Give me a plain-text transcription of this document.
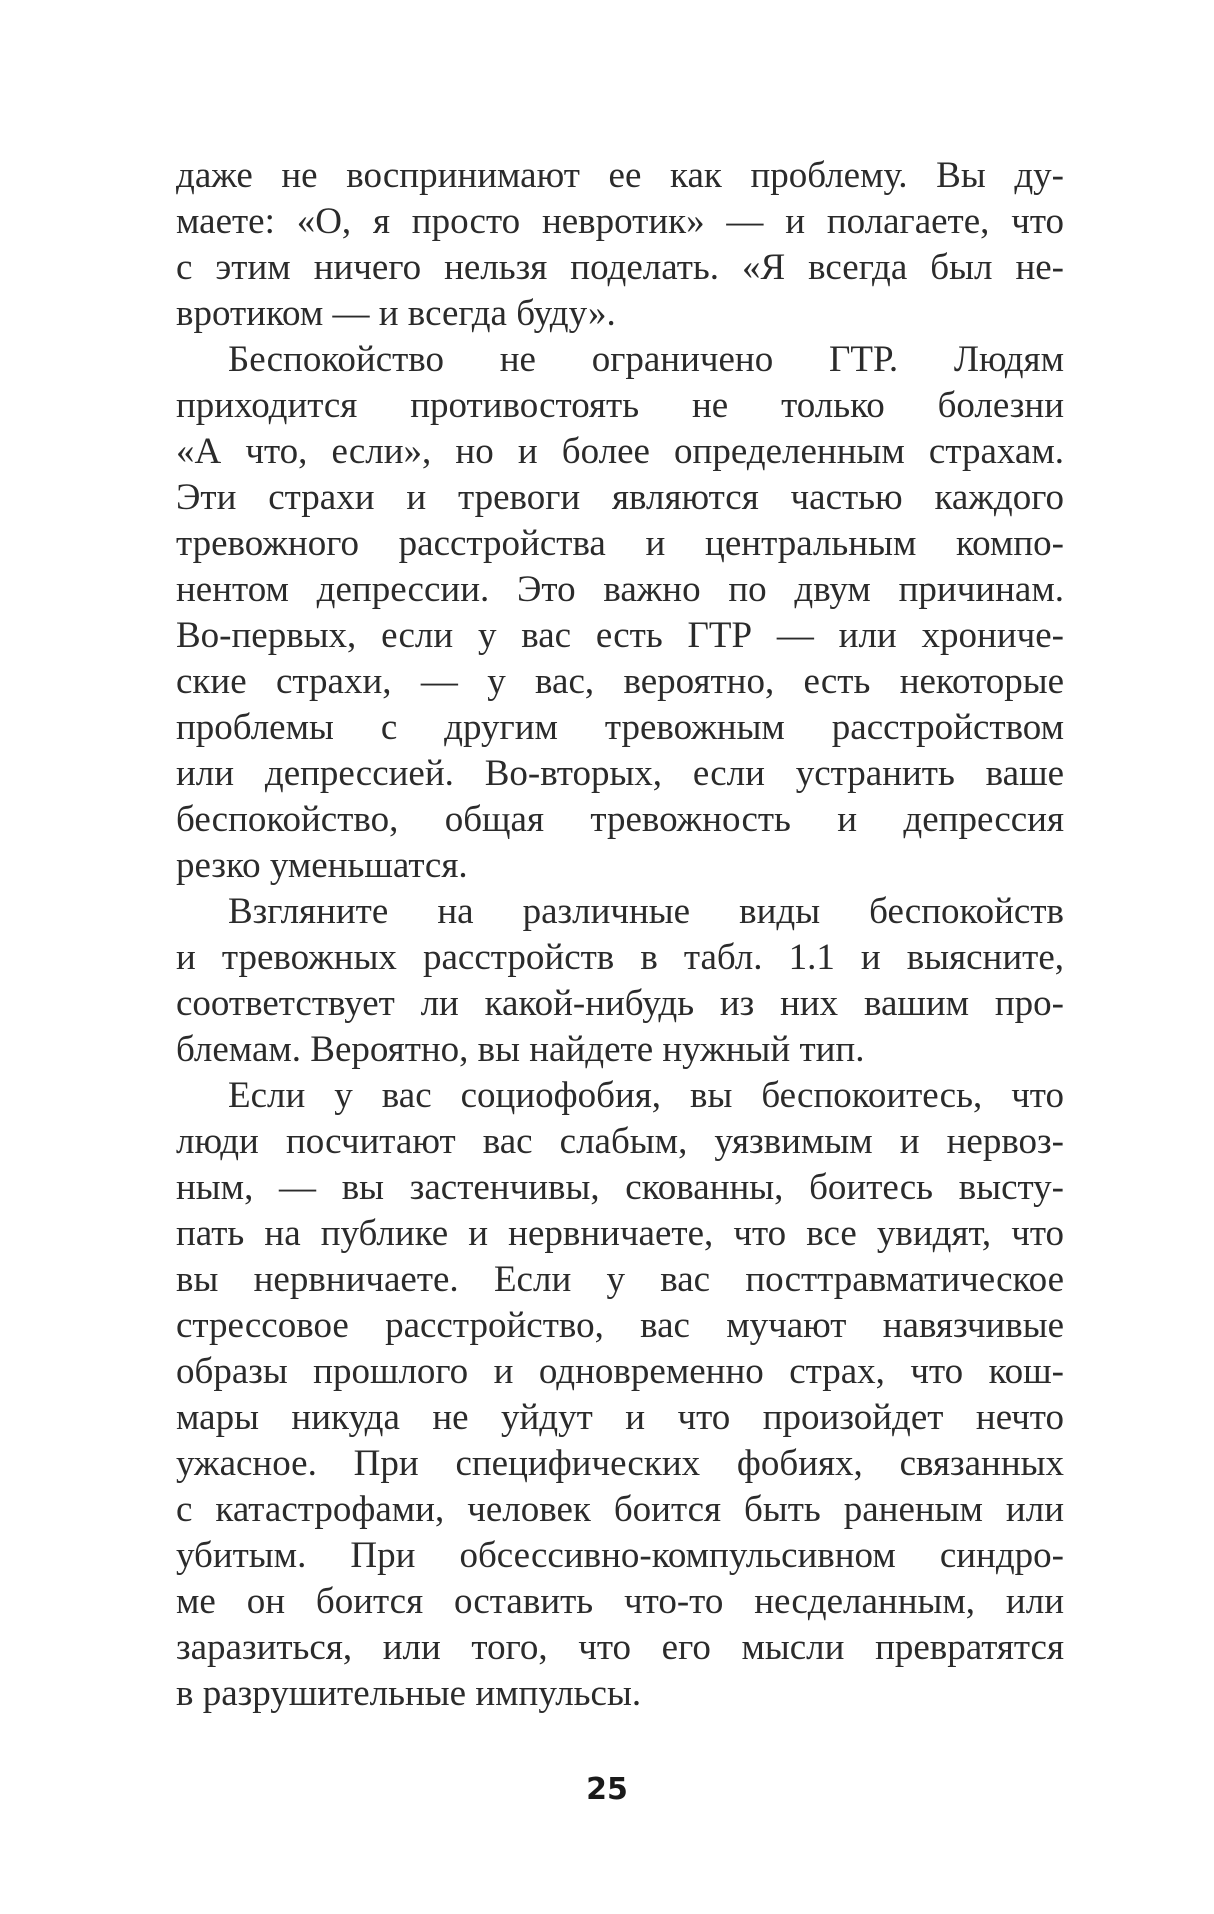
даже не воспринимают ее как проблему. Вы ду-
маете: «О, я просто невротик» — и полагаете, что
с этим ничего нельзя поделать. «Я всегда был не-
вротиком — и всегда буду».
Беспокойство не ограничено ГТР. Людям
приходится противостоять не только болезни
«А что, если», но и более определенным страхам.
Эти страхи и тревоги являются частью каждого
тревожного расстройства и центральным компо-
нентом депрессии. Это важно по двум причинам.
Во-первых, если у вас есть ГТР — или хрониче-
ские страхи, — у вас, вероятно, есть некоторые
проблемы с другим тревожным расстройством
или депрессией. Во-вторых, если устранить ваше
беспокойство, общая тревожность и депрессия
резко уменьшатся.
Взгляните на различные виды беспокойств
и тревожных расстройств в табл. 1.1 и выясните,
соответствует ли какой-нибудь из них вашим про-
блемам. Вероятно, вы найдете нужный тип.
Если у вас социофобия, вы беспокоитесь, что
люди посчитают вас слабым, уязвимым и нервоз-
ным, — вы застенчивы, скованны, боитесь высту-
пать на публике и нервничаете, что все увидят, что
вы нервничаете. Если у вас посттравматическое
стрессовое расстройство, вас мучают навязчивые
образы прошлого и одновременно страх, что кош-
мары никуда не уйдут и что произойдет нечто
ужасное. При специфических фобиях, связанных
с катастрофами, человек боится быть раненым или
убитым. При обсессивно-компульсивном синдро-
ме он боится оставить что-то несделанным, или
заразиться, или того, что его мысли превратятся
в разрушительные импульсы.
25
